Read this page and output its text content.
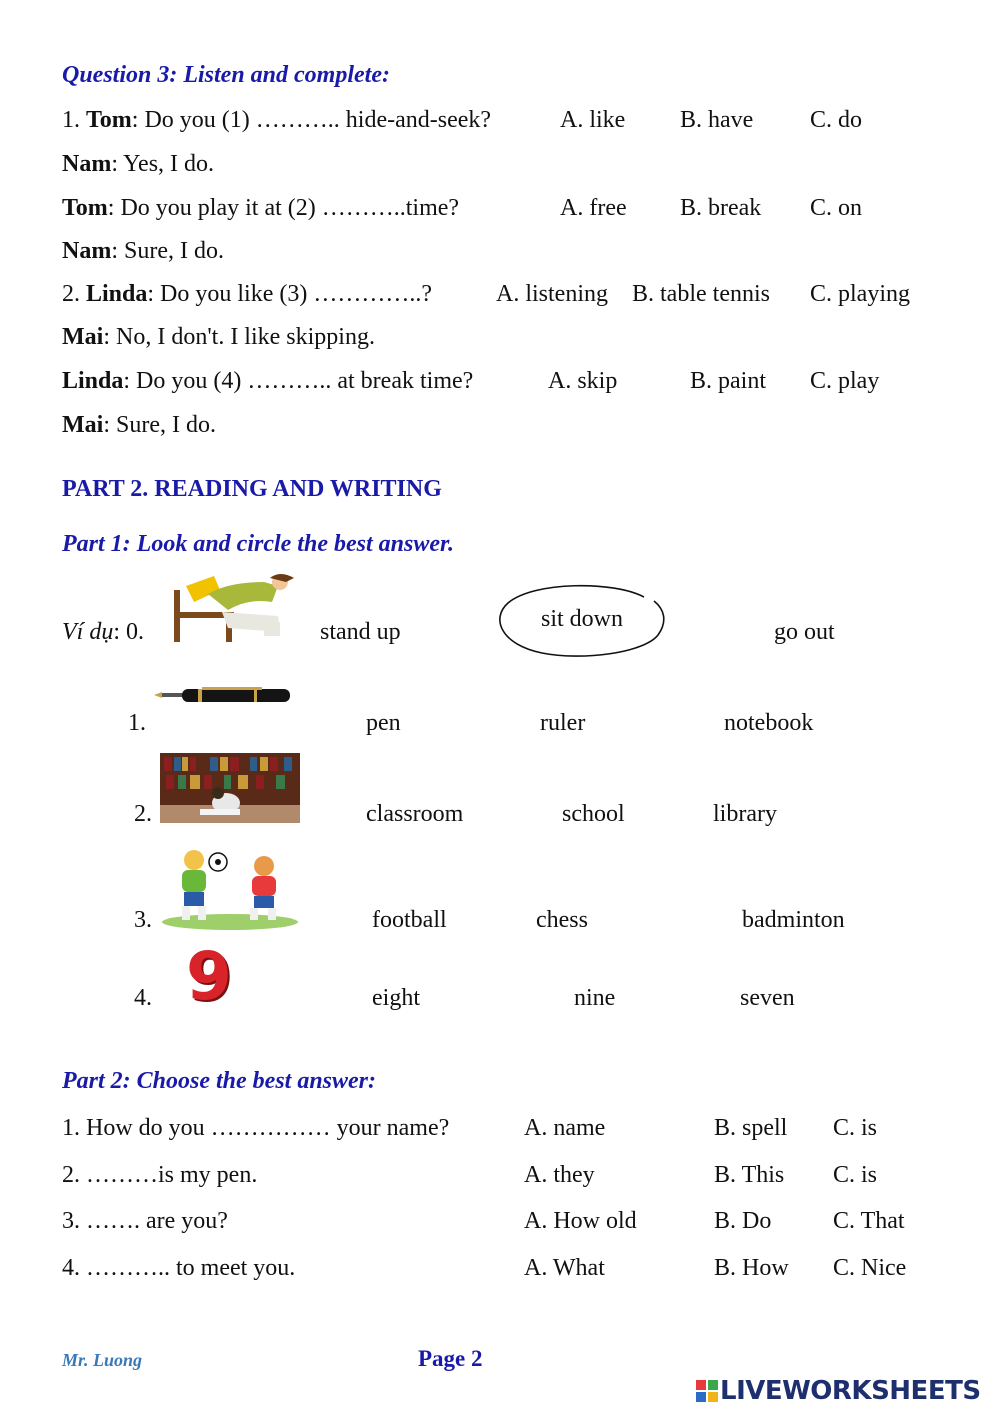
Question 3: Listen and complete:
1. Tom: Do you (1) ……….. hide-and-seek?	A. like B. have C. do
Nam: Yes, I do.
Tom: Do you play it at (2) ………..time?	A. free B. break C. on
Nam: Sure, I do.
2. Linda: Do you like (3) …………..?	A. listening B. table tennis C. playing
Mai: No, I don't. I like skipping.
Linda: Do you (4) ……….. at break time?	A. skip	B. paint C. play
Mai: Sure, I do.
PART 2. READING AND WRITING
Part 1: Look and circle the best answer.
Ví dụ: 0.	stand up	sit down	go out
1.	pen	ruler	notebook
2.	classroom	school	library
3.	football	chess	badminton
4. 9	eight	nine	seven
Part 2: Choose the best answer:
1. How do you …………… your name?	A. name	B. spell C. is
2. ………is my pen.	A. they	B. This C. is
3. ……. are you?	A. How old	B. Do	C. That
4. ……….. to meet you.	A. What	B. How C. Nice
Mr. Luong	Page 2
LIVEWORKSHEETS
